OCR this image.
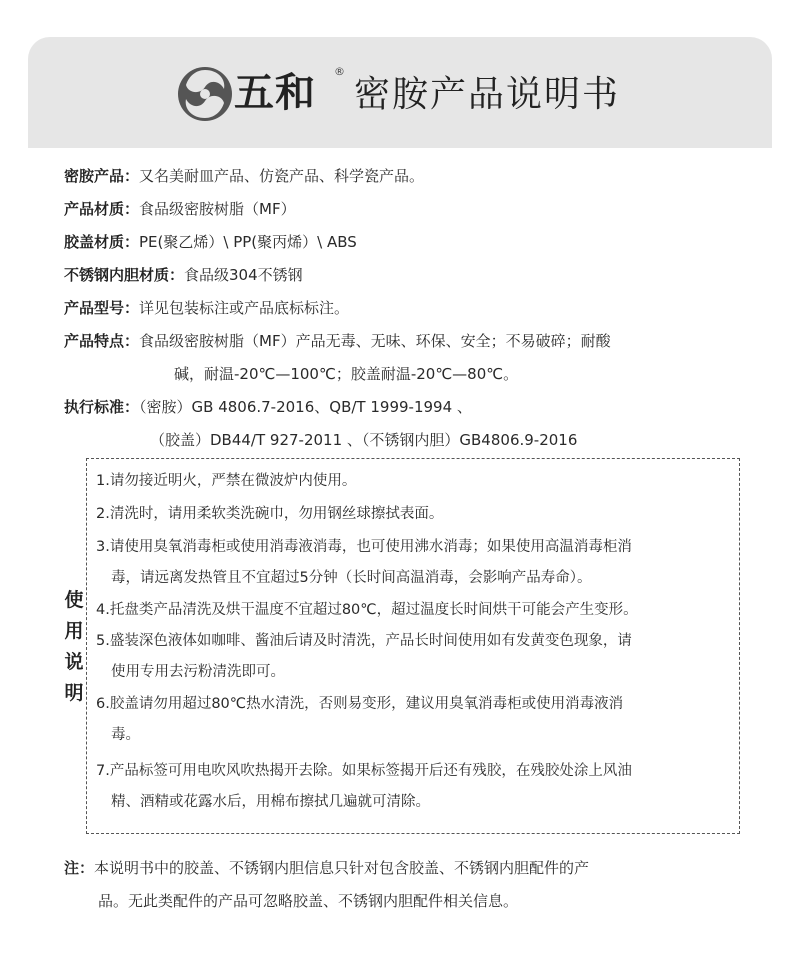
五和 ®
密胺产品说明书
密胺产品：又名美耐皿产品、仿瓷产品、科学瓷产品。
产品材质：食品级密胺树脂（MF）
胶盖材质：PE(聚乙烯）\ PP(聚丙烯）\ ABS
不锈钢内胆材质：食品级304不锈钢
产品型号：详见包装标注或产品底标标注。
产品特点：食品级密胺树脂（MF）产品无毒、无味、环保、安全；不易破碎；耐酸
碱，耐温-20℃—100℃；胶盖耐温-20℃—80℃。
执行标准：（密胺）GB 4806.7-2016、QB/T 1999-1994 、
（胶盖）DB44/T 927-2011 、（不锈钢内胆）GB4806.9-2016
使
用
说
明
1.请勿接近明火，严禁在微波炉内使用。
2.清洗时，请用柔软类洗碗巾，勿用钢丝球擦拭表面。
3.请使用臭氧消毒柜或使用消毒液消毒，也可使用沸水消毒；如果使用高温消毒柜消
毒，请远离发热管且不宜超过5分钟（长时间高温消毒，会影响产品寿命）。
4.托盘类产品清洗及烘干温度不宜超过80℃，超过温度长时间烘干可能会产生变形。
5.盛装深色液体如咖啡、酱油后请及时清洗，产品长时间使用如有发黄变色现象，请
使用专用去污粉清洗即可。
6.胶盖请勿用超过80℃热水清洗，否则易变形，建议用臭氧消毒柜或使用消毒液消
毒。
7.产品标签可用电吹风吹热揭开去除。如果标签揭开后还有残胶，在残胶处涂上风油
精、酒精或花露水后，用棉布擦拭几遍就可清除。
注：本说明书中的胶盖、不锈钢内胆信息只针对包含胶盖、不锈钢内胆配件的产
品。无此类配件的产品可忽略胶盖、不锈钢内胆配件相关信息。
